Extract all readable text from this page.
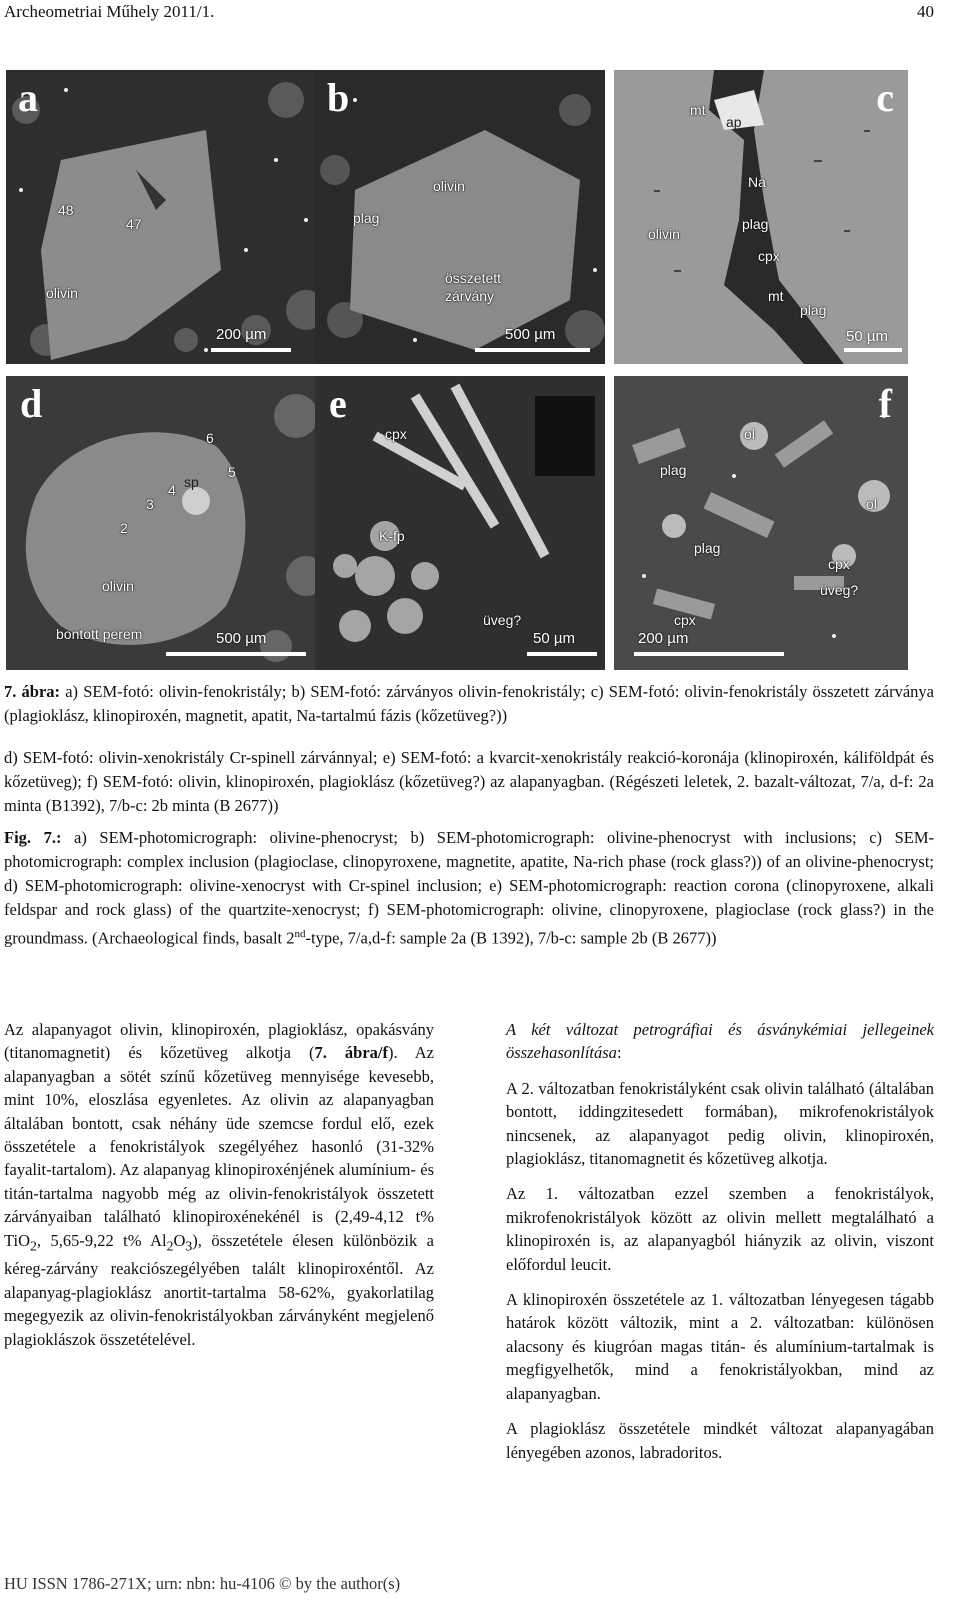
Archeometriai Műhely 2011/1.	40
a
48
47
olivin
200 µm
b
olivin
plag
összetett
zárvány
500 µm
c
mt
ap
Na
olivin
plag
cpx
mt
plag
50 µm
d
6
5
4 sp
3
2
olivin
bontott perem	500 µm
e
cpx
K-fp
üveg?
50 µm
f
ol
plag
ol
plag
cpx
üveg?
cpx
200 µm
7. ábra: a) SEM-fotó: olivin-fenokristály; b) SEM-fotó: zárványos olivin-fenokristály; c) SEM-fotó: olivin-fenokristály összetett zárványa (plagioklász, klinopiroxén, magnetit, apatit, Na-tartalmú fázis (kőzetüveg?))
d) SEM-fotó: olivin-xenokristály Cr-spinell zárvánnyal; e) SEM-fotó: a kvarcit-xenokristály reakció-koronája (klinopiroxén, káliföldpát és kőzetüveg); f) SEM-fotó: olivin, klinopiroxén, plagioklász (kőzetüveg?) az alapanyagban. (Régészeti leletek, 2. bazalt-változat, 7/a, d-f: 2a minta (B1392), 7/b-c: 2b minta (B 2677))
Fig. 7.: a) SEM-photomicrograph: olivine-phenocryst; b) SEM-photomicrograph: olivine-phenocryst with inclusions; c) SEM-photomicrograph: complex inclusion (plagioclase, clinopyroxene, magnetite, apatite, Na-rich phase (rock glass?)) of an olivine-phenocryst; d) SEM-photomicrograph: olivine-xenocryst with Cr-spinel inclusion; e) SEM-photomicrograph: reaction corona (clinopyroxene, alkali feldspar and rock glass) of the quartzite-xenocryst; f) SEM-photomicrograph: olivine, clinopyroxene, plagioclase (rock glass?) in the groundmass. (Archaeological finds, basalt 2nd-type, 7/a,d-f: sample 2a (B 1392), 7/b-c: sample 2b (B 2677))

Az alapanyagot olivin, klinopiroxén, plagioklász, opakásvány (titanomagnetit) és kőzetüveg alkotja (7. ábra/f). Az alapanyagban a sötét színű kőzetüveg mennyisége kevesebb, mint 10%, eloszlása egyenletes. Az olivin az alapanyagban általában bontott, csak néhány üde szemcse fordul elő, ezek összetétele a fenokristályok szegélyéhez hasonló (31-32% fayalit-tartalom). Az alapanyag klinopiroxénjének alumínium- és titán-tartalma nagyobb még az olivin-fenokristályok összetett zárványaiban található klinopiroxénekénél is (2,49-4,12 t% TiO$_2$, 5,65-9,22 t% $Al_2O_3$), összetétele élesen különbözik a kéreg-zárvány reakciószegélyében talált klinopiroxéntől. Az alapanyag-plagioklász anortit-tartalma 58-62%, gyakorlatilag megegyezik az olivin-fenokristályokban zárványként megjelenő plagioklászok összetételével.

A két változat petrográfiai és ásványkémiai jellegeinek összehasonlítása:

A 2. változatban fenokristályként csak olivin található (általában bontott, iddingzitesedett formában), mikrofenokristályok nincsenek, az alapanyagot pedig olivin, klinopiroxén, plagioklász, titanomagnetit és kőzetüveg alkotja.

Az 1. változatban ezzel szemben a fenokristályok, mikrofenokristályok között az olivin mellett megtalálható a klinopiroxén is, az alapanyagból hiányzik az olivin, viszont előfordul leucit.

A klinopiroxén összetétele az 1. változatban lényegesen tágabb határok között változik, mint a 2. változatban: különösen alacsony és kiugróan magas titán- és alumínium-tartalmak is megfigyelhetők, mind a fenokristályokban, mind az alapanyagban.

A plagioklász összetétele mindkét változat alapanyagában lényegében azonos, labradoritos.

HU ISSN 1786-271X; urn: nbn: hu-4106 © by the author(s)
